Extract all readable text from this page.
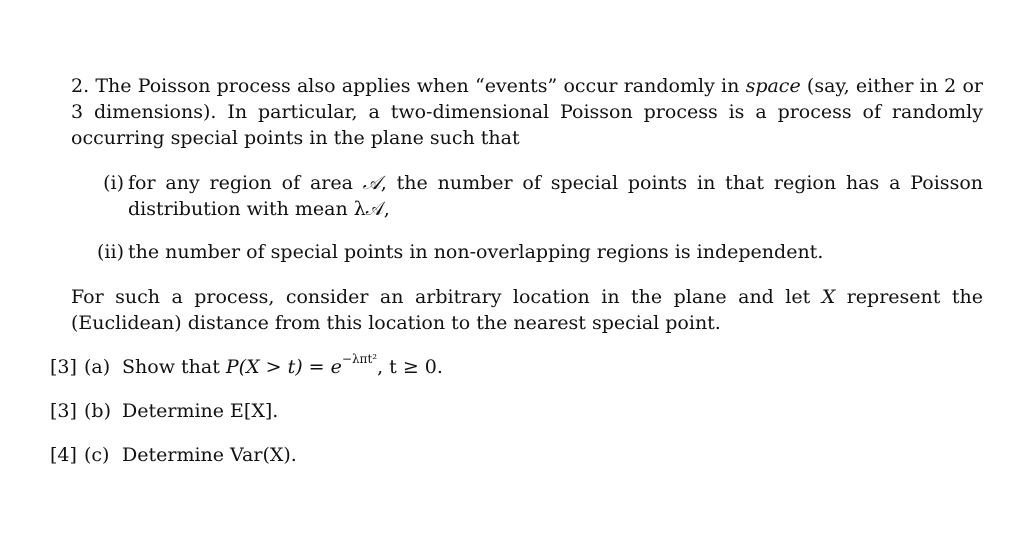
2. The Poisson process also applies when “events” occur randomly in space (say, either in 2 or 3 dimensions). In particular, a two-dimensional Poisson process is a process of randomly occurring special points in the plane such that
(i) for any region of area 𝒜, the number of special points in that region has a Poisson distribution with mean λ𝒜,
(ii) the number of special points in non-overlapping regions is independent.
For such a process, consider an arbitrary location in the plane and let X represent the (Euclidean) distance from this location to the nearest special point.
[3] (a) Show that $P(X > t) = e^{-\lambda\pi t^2}$, t ≥ 0.
[3] (b) Determine E[X].
[4] (c) Determine Var(X).
